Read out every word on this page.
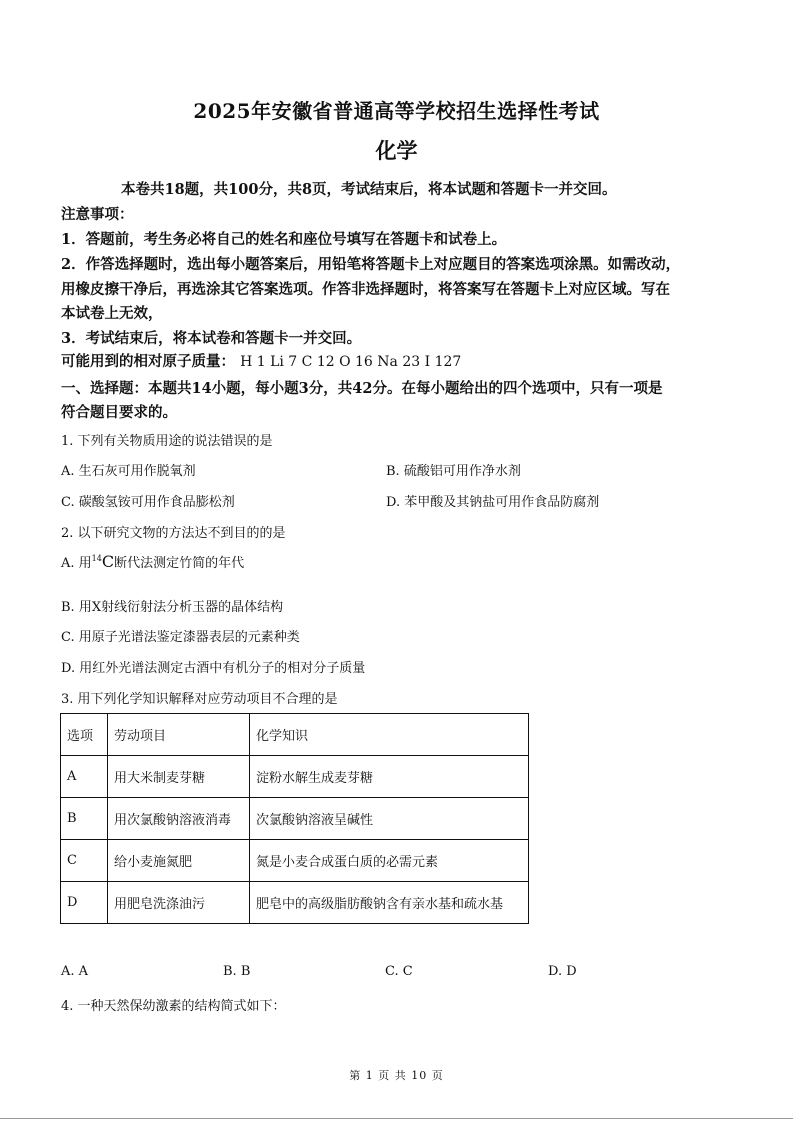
2025年安徽省普通高等学校招生选择性考试
化学
本卷共18题，共100分，共8页，考试结束后，将本试题和答题卡一并交回。
注意事项：
1．答题前，考生务必将自己的姓名和座位号填写在答题卡和试卷上。
2．作答选择题时，选出每小题答案后，用铅笔将答题卡上对应题目的答案选项涂黑。如需改动，
用橡皮擦干净后，再选涂其它答案选项。作答非选择题时，将答案写在答题卡上对应区域。写在
本试卷上无效，
3．考试结束后，将本试卷和答题卡一并交回。
可能用到的相对原子质量： H 1 Li 7 C 12 O 16 Na 23 I 127
一、选择题：本题共14小题，每小题3分，共42分。在每小题给出的四个选项中，只有一项是
符合题目要求的。
1. 下列有关物质用途的说法错误的是
A. 生石灰可用作脱氧剂	B. 硫酸铝可用作净水剂
C. 碳酸氢铵可用作食品膨松剂	D. 苯甲酸及其钠盐可用作食品防腐剂
2. 以下研究文物的方法达不到目的的是
A. 用$^{14}$C断代法测定竹简的年代
B. 用X射线衍射法分析玉器的晶体结构
C. 用原子光谱法鉴定漆器表层的元素种类
D. 用红外光谱法测定古酒中有机分子的相对分子质量
3. 用下列化学知识解释对应劳动项目不合理的是
选项	劳动项目	化学知识
A	用大米制麦芽糖	淀粉水解生成麦芽糖
B	用次氯酸钠溶液消毒	次氯酸钠溶液呈碱性
C	给小麦施氮肥	氮是小麦合成蛋白质的必需元素
D	用肥皂洗涤油污	肥皂中的高级脂肪酸钠含有亲水基和疏水基
A. A	B. B	C. C	D. D
4. 一种天然保幼激素的结构简式如下：
第 1 页 共 10 页
